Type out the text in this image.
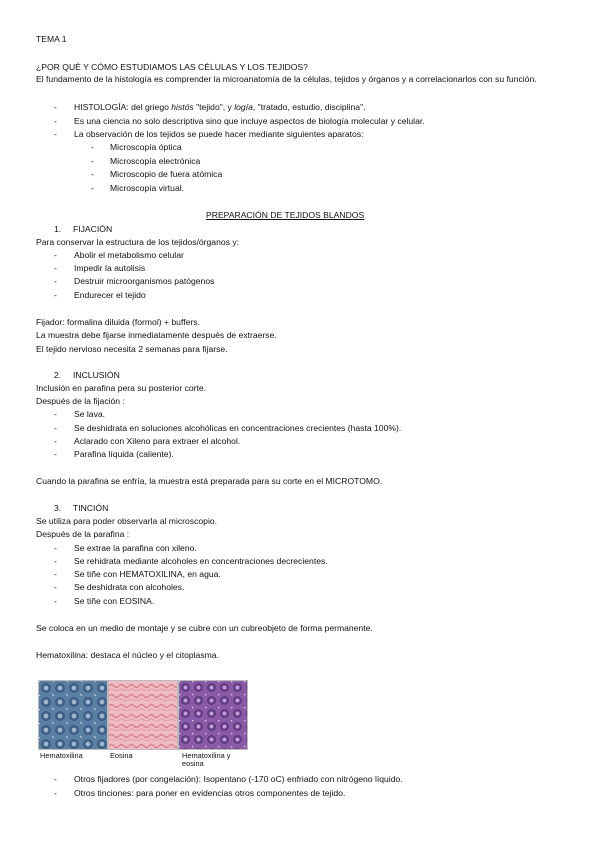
TEMA 1
¿POR QUÉ Y CÓMO ESTUDIAMOS LAS CÉLULAS Y LOS TEJIDOS?
El fundamento de la histología es comprender la microanatomía de la células, tejidos y órganos y a correlacionarlos con su función.
- HISTOLOGÍA: del griego histós "tejido", y logía, "tratado, estudio, disciplina".
- Es una ciencia no solo descriptiva sino que incluye aspectos de biología molecular y celular.
- La observación de los tejidos se puede hacer mediante siguientes aparatos:
- Microscopía óptica
- Microscopía electrónica
- Microscopio de fuera atómica
- Microscopía virtual.
PREPARACIÓN DE TEJIDOS BLANDOS
1. FIJACIÓN
Para conservar la estructura de los tejidos/órganos y:
- Abolir el metabolismo celular
- Impedir la autolisis
- Destruir microorganismos patógenos
- Endurecer el tejido
Fijador: formalina diluida (formol) + buffers.
La muestra debe fijarse inmediatamente después de extraerse.
El tejido nervioso necesita 2 semanas para fijarse.
2. INCLUSIÓN
Inclusión en parafina pera su posterior corte.
Después de la fijación :
- Se lava.
- Se deshidrata en soluciones alcohólicas en concentraciones crecientes (hasta 100%).
- Aclarado con Xileno para extraer el alcohol.
- Parafina líquida (caliente).
Cuando la parafina se enfría, la muestra está preparada para su corte en el MICROTOMO.
3. TINCIÓN
Se utiliza para poder observarla al microscopio.
Después de la parafina :
- Se extrae la parafina con xileno.
- Se rehidrata mediante alcoholes en concentraciones decrecientes.
- Se tiñe con HEMATOXILINA, en agua.
- Se deshidrata con alcoholes.
- Se tiñe con EOSINA.
Se coloca en un medio de montaje y se cubre con un cubreobjeto de forma permanente.
Hematoxilina: destaca el núcleo y el citoplasma.
Hematoxilina	Eosina	Hematoxilina y eosina
- Otros fijadores (por congelación): Isopentano (-170 oC) enfriado con nitrógeno líquido.
- Otros tinciones: para poner en evidencias otros componentes de tejido.
